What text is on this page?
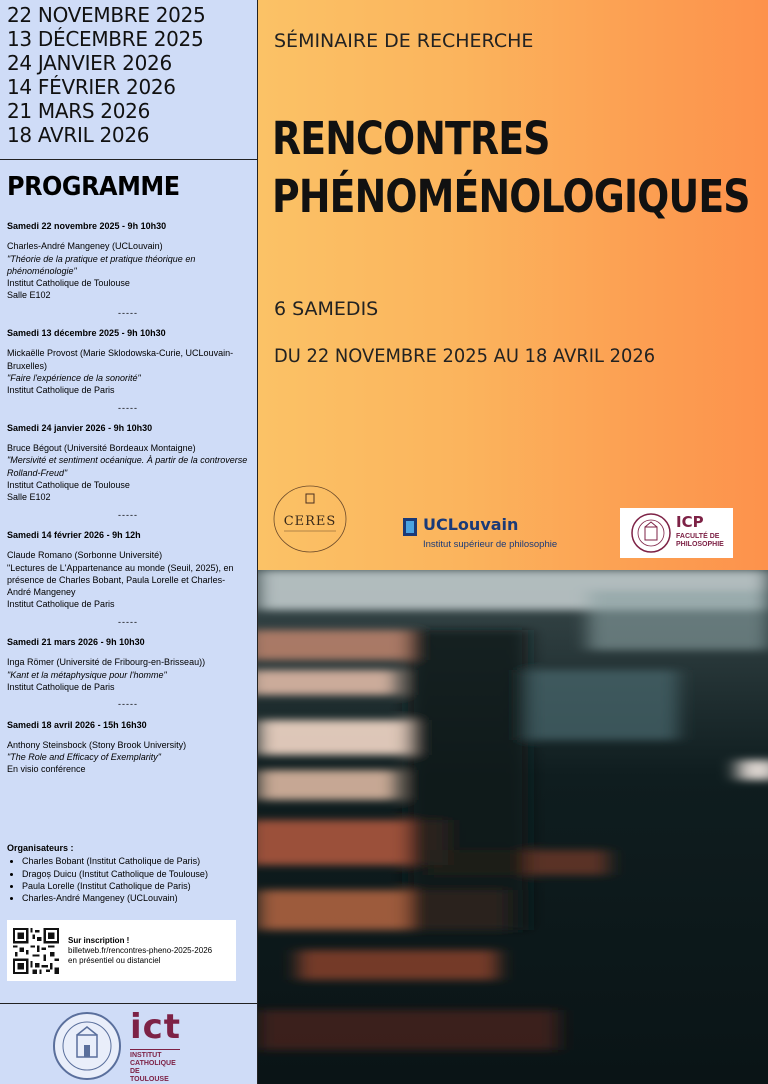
22 NOVEMBRE 2025
13 DÉCEMBRE 2025
24 JANVIER 2026
14 FÉVRIER 2026
21 MARS 2026
18 AVRIL 2026
PROGRAMME
Samedi 22 novembre 2025 - 9h 10h30
Charles-André Mangeney (UCLouvain)
"Théorie de la pratique et pratique théorique en phénoménologie"
Institut Catholique de Toulouse
Salle E102
-----
Samedi 13 décembre 2025 - 9h 10h30
Mickaëlle Provost (Marie Sklodowska-Curie, UCLouvain-Bruxelles)
"Faire l'expérience de la sonorité"
Institut Catholique de Paris
-----
Samedi 24 janvier 2026 - 9h 10h30
Bruce Bégout (Université Bordeaux Montaigne)
"Mersivité et sentiment océanique. À partir de la controverse Rolland-Freud"
Institut Catholique de Toulouse
Salle E102
-----
Samedi 14 février 2026 - 9h 12h
Claude Romano (Sorbonne Université)
"Lectures de L'Appartenance au monde (Seuil, 2025), en présence de Charles Bobant, Paula Lorelle et Charles-André Mangeney
Institut Catholique de Paris
-----
Samedi 21 mars 2026 - 9h 10h30
Inga Römer (Université de Fribourg-en-Brisseau))
"Kant et la métaphysique pour l'homme"
Institut Catholique de Paris
-----
Samedi 18 avril 2026 - 15h 16h30
Anthony Steinsbock (Stony Brook University)
"The Role and Efficacy of Exemplarity"
En visio conférence
Organisateurs :
• Charles Bobant (Institut Catholique de Paris)
• Dragoș Duicu (Institut Catholique de Toulouse)
• Paula Lorelle (Institut Catholique de Paris)
• Charles-André Mangeney (UCLouvain)
Sur inscription !
billetweb.fr/rencontres-pheno-2025-2026
en présentiel ou distanciel
ict
INSTITUT
CATHOLIQUE
DE TOULOUSE
SÉMINAIRE DE RECHERCHE
RENCONTRES
PHÉNOMÉNOLOGIQUES
6 SAMEDIS
DU 22 NOVEMBRE 2025 AU 18 AVRIL 2026
CERES	UCLouvain
Institut supérieur de philosophie
ICP
FACULTÉ DE
PHILOSOPHIE
